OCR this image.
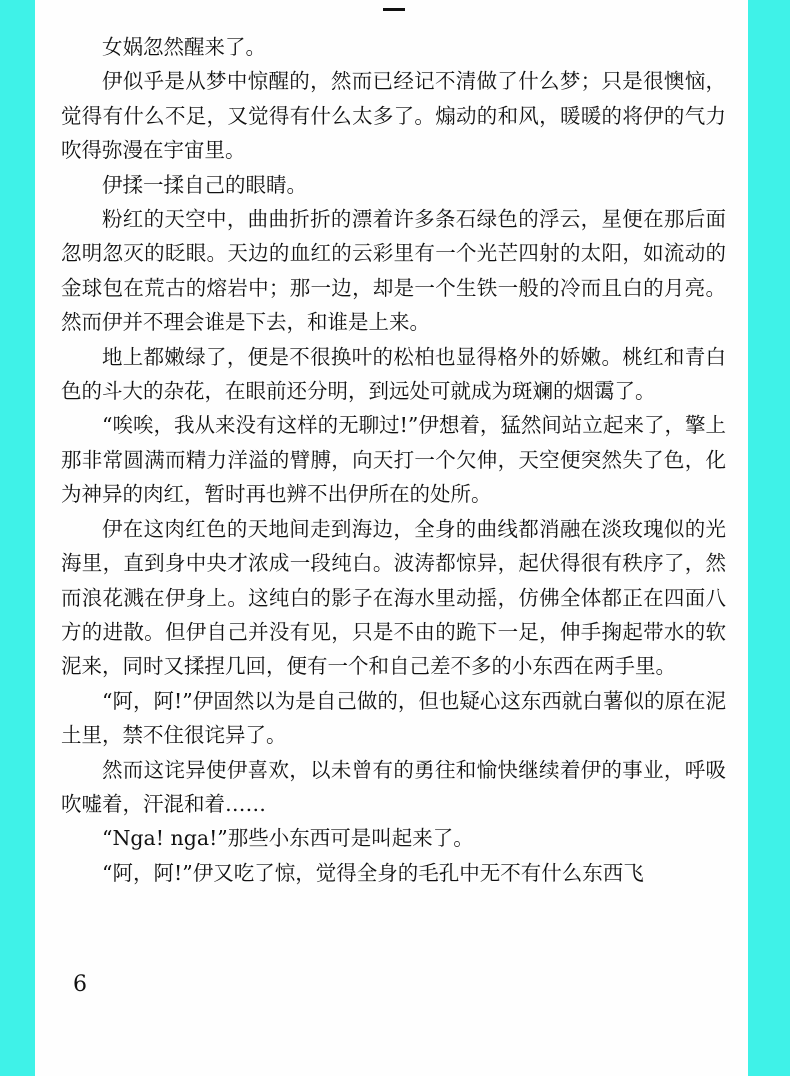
女娲忽然醒来了。

伊似乎是从梦中惊醒的，然而已经记不清做了什么梦；只是很懊恼，觉得有什么不足，又觉得有什么太多了。煽动的和风，暖暖的将伊的气力吹得弥漫在宇宙里。

伊揉一揉自己的眼睛。

粉红的天空中，曲曲折折的漂着许多条石绿色的浮云，星便在那后面忽明忽灭的眨眼。天边的血红的云彩里有一个光芒四射的太阳，如流动的金球包在荒古的熔岩中；那一边，却是一个生铁一般的冷而且白的月亮。然而伊并不理会谁是下去，和谁是上来。

地上都嫩绿了，便是不很换叶的松柏也显得格外的娇嫩。桃红和青白色的斗大的杂花，在眼前还分明，到远处可就成为斑斓的烟霭了。

“唉唉，我从来没有这样的无聊过!”伊想着，猛然间站立起来了，擎上那非常圆满而精力洋溢的臂膊，向天打一个欠伸，天空便突然失了色，化为神异的肉红，暂时再也辨不出伊所在的处所。

伊在这肉红色的天地间走到海边，全身的曲线都消融在淡玫瑰似的光海里，直到身中央才浓成一段纯白。波涛都惊异，起伏得很有秩序了，然而浪花溅在伊身上。这纯白的影子在海水里动摇，仿佛全体都正在四面八方的进散。但伊自己并没有见，只是不由的跪下一足，伸手掬起带水的软泥来，同时又揉捏几回，便有一个和自己差不多的小东西在两手里。

“阿，阿!”伊固然以为是自己做的，但也疑心这东西就白薯似的原在泥土里，禁不住很诧异了。

然而这诧异使伊喜欢，以未曾有的勇往和愉快继续着伊的事业，呼吸吹嘘着，汗混和着……

“Nga! nga!”那些小东西可是叫起来了。

“阿，阿!”伊又吃了惊，觉得全身的毛孔中无不有什么东西飞

6
